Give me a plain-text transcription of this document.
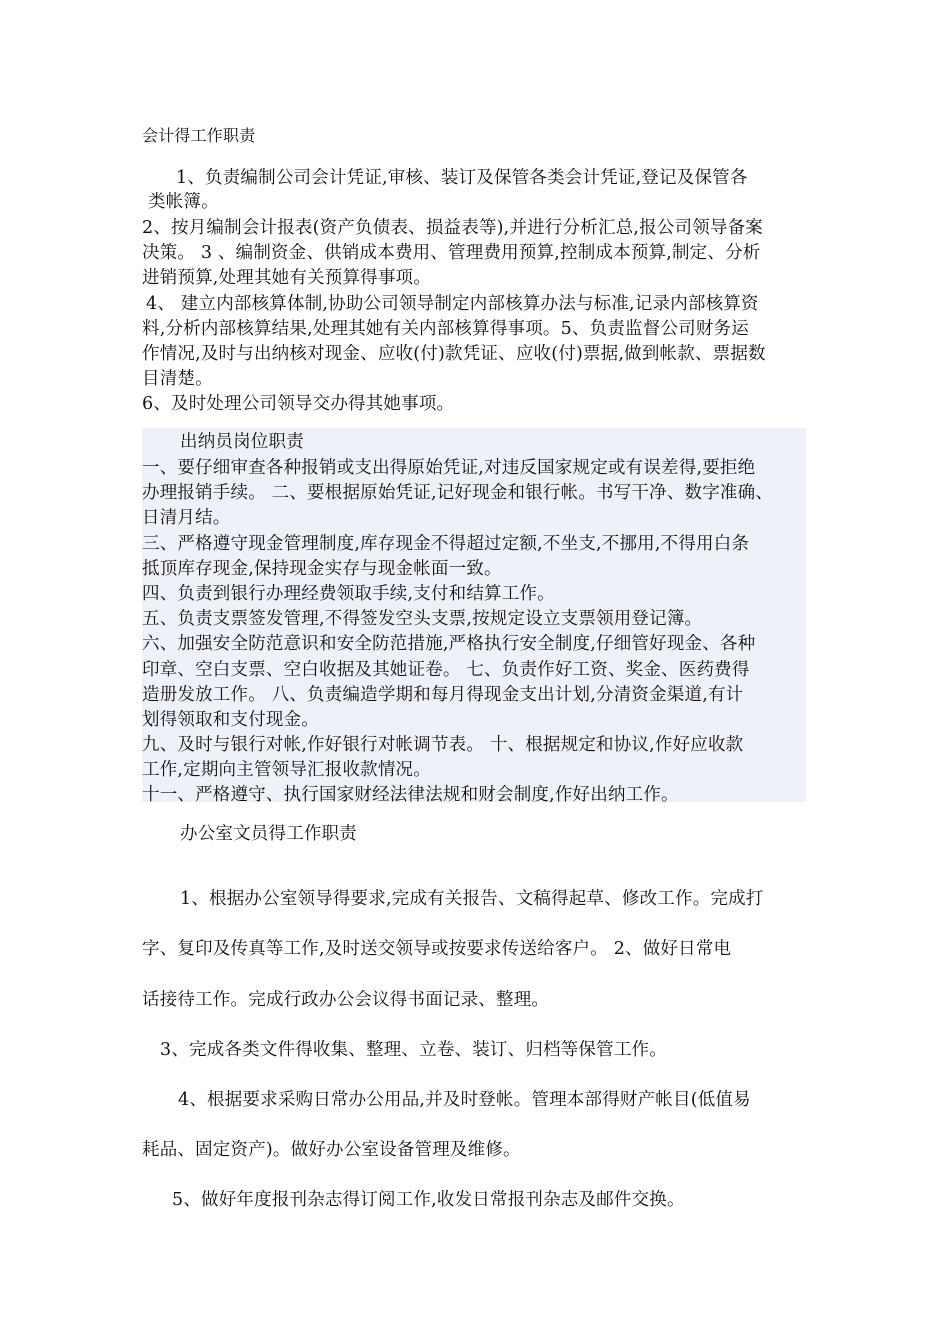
会计得工作职责
1、负责编制公司会计凭证,审核、装订及保管各类会计凭证,登记及保管各
类帐簿。
2、按月编制会计报表(资产负债表、损益表等),并进行分析汇总,报公司领导备案
决策。 3 、编制资金、供销成本费用、管理费用预算,控制成本预算,制定、分析
进销预算,处理其她有关预算得事项。
4、 建立内部核算体制,协助公司领导制定内部核算办法与标准,记录内部核算资
料,分析内部核算结果,处理其她有关内部核算得事项。5、负责监督公司财务运
作情况,及时与出纳核对现金、应收(付)款凭证、应收(付)票据,做到帐款、票据数
目清楚。
6、及时处理公司领导交办得其她事项。
出纳员岗位职责
一、要仔细审查各种报销或支出得原始凭证,对违反国家规定或有误差得,要拒绝
办理报销手续。 二、要根据原始凭证,记好现金和银行帐。书写干净、数字准确、
日清月结。
三、严格遵守现金管理制度,库存现金不得超过定额,不坐支,不挪用,不得用白条
抵顶库存现金,保持现金实存与现金帐面一致。
四、负责到银行办理经费领取手续,支付和结算工作。
五、负责支票签发管理,不得签发空头支票,按规定设立支票领用登记簿。
六、加强安全防范意识和安全防范措施,严格执行安全制度,仔细管好现金、各种
印章、空白支票、空白收据及其她证卷。 七、负责作好工资、奖金、医药费得
造册发放工作。 八、负责编造学期和每月得现金支出计划,分清资金渠道,有计
划得领取和支付现金。
九、及时与银行对帐,作好银行对帐调节表。 十、根据规定和协议,作好应收款
工作,定期向主管领导汇报收款情况。
十一、严格遵守、执行国家财经法律法规和财会制度,作好出纳工作。
办公室文员得工作职责
1、根据办公室领导得要求,完成有关报告、文稿得起草、修改工作。完成打
字、复印及传真等工作,及时送交领导或按要求传送给客户。 2、做好日常电
话接待工作。完成行政办公会议得书面记录、整理。
3、完成各类文件得收集、整理、立卷、装订、归档等保管工作。
4、根据要求采购日常办公用品,并及时登帐。管理本部得财产帐目(低值易
耗品、固定资产)。做好办公室设备管理及维修。
5、做好年度报刊杂志得订阅工作,收发日常报刊杂志及邮件交换。
